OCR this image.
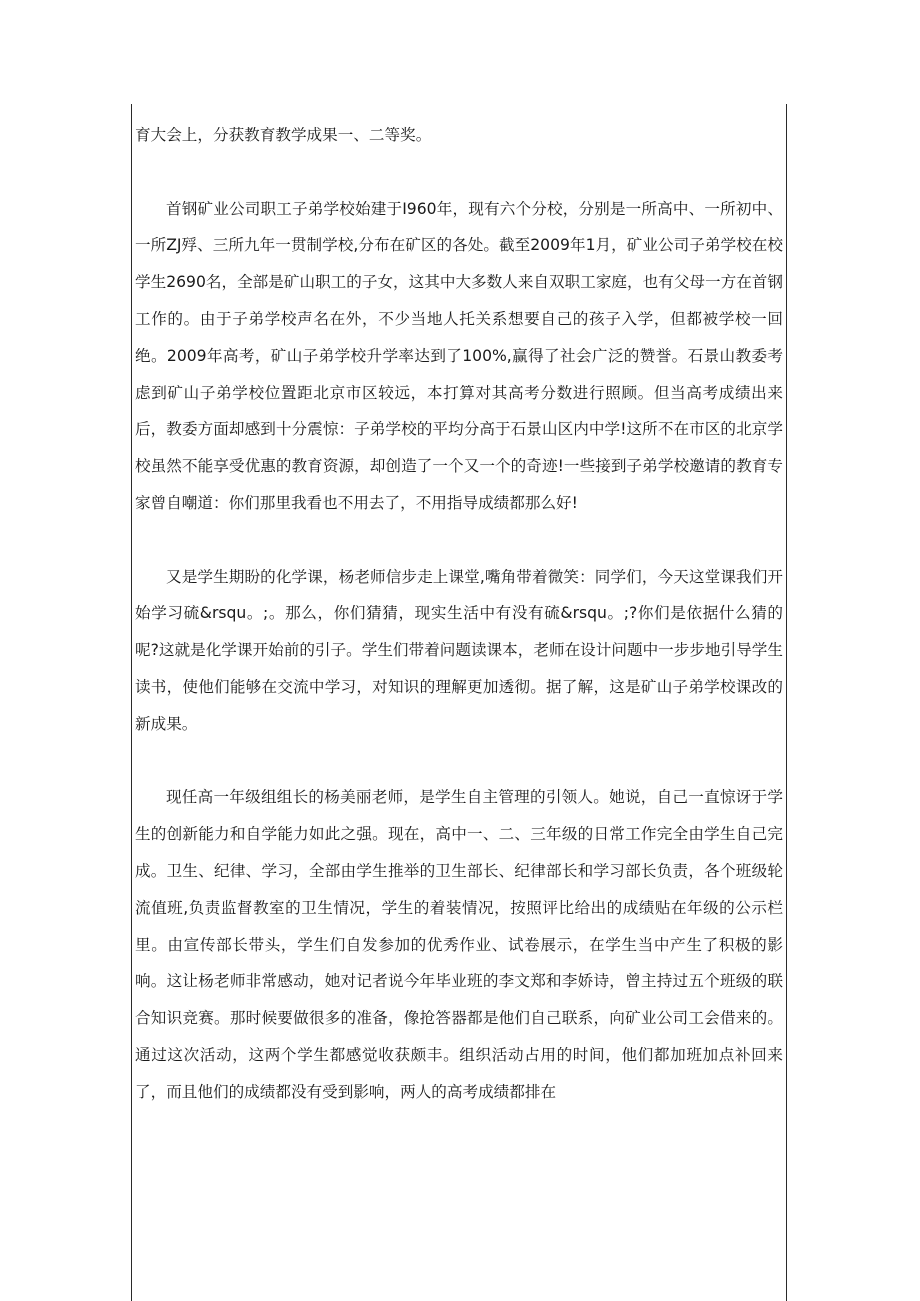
育大会上，分获教育教学成果一、二等奖。

首钢矿业公司职工子弟学校始建于I960年，现有六个分校，分别是一所高中、一所初中、一所ZJ殍、三所九年一贯制学校,分布在矿区的各处。截至2009年1月，矿业公司子弟学校在校学生2690名，全部是矿山职工的子女，这其中大多数人来自双职工家庭，也有父母一方在首钢工作的。由于子弟学校声名在外，不少当地人托关系想要自己的孩子入学，但都被学校一回绝。2009年高考，矿山子弟学校升学率达到了100%,赢得了社会广泛的赞誉。石景山教委考虑到矿山子弟学校位置距北京市区较远，本打算对其高考分数进行照顾。但当高考成绩出来后，教委方面却感到十分震惊：子弟学校的平均分高于石景山区内中学!这所不在市区的北京学校虽然不能享受优惠的教育资源，却创造了一个又一个的奇迹!一些接到子弟学校邀请的教育专家曾自嘲道：你们那里我看也不用去了，不用指导成绩都那么好!

又是学生期盼的化学课，杨老师信步走上课堂,嘴角带着微笑：同学们，今天这堂课我们开始学习硫&rsqu。;。那么，你们猜猜，现实生活中有没有硫&rsqu。;?你们是依据什么猜的呢?这就是化学课开始前的引子。学生们带着问题读课本，老师在设计问题中一步步地引导学生读书，使他们能够在交流中学习，对知识的理解更加透彻。据了解，这是矿山子弟学校课改的新成果。

现任高一年级组组长的杨美丽老师，是学生自主管理的引领人。她说，自己一直惊讶于学生的创新能力和自学能力如此之强。现在，高中一、二、三年级的日常工作完全由学生自己完成。卫生、纪律、学习，全部由学生推举的卫生部长、纪律部长和学习部长负责，各个班级轮流值班,负责监督教室的卫生情况，学生的着装情况，按照评比给出的成绩贴在年级的公示栏里。由宣传部长带头，学生们自发参加的优秀作业、试卷展示，在学生当中产生了积极的影响。这让杨老师非常感动，她对记者说今年毕业班的李文郑和李娇诗，曾主持过五个班级的联合知识竞赛。那时候要做很多的准备，像抢答器都是他们自己联系，向矿业公司工会借来的。通过这次活动，这两个学生都感觉收获颇丰。组织活动占用的时间，他们都加班加点补回来了，而且他们的成绩都没有受到影响，两人的高考成绩都排在
